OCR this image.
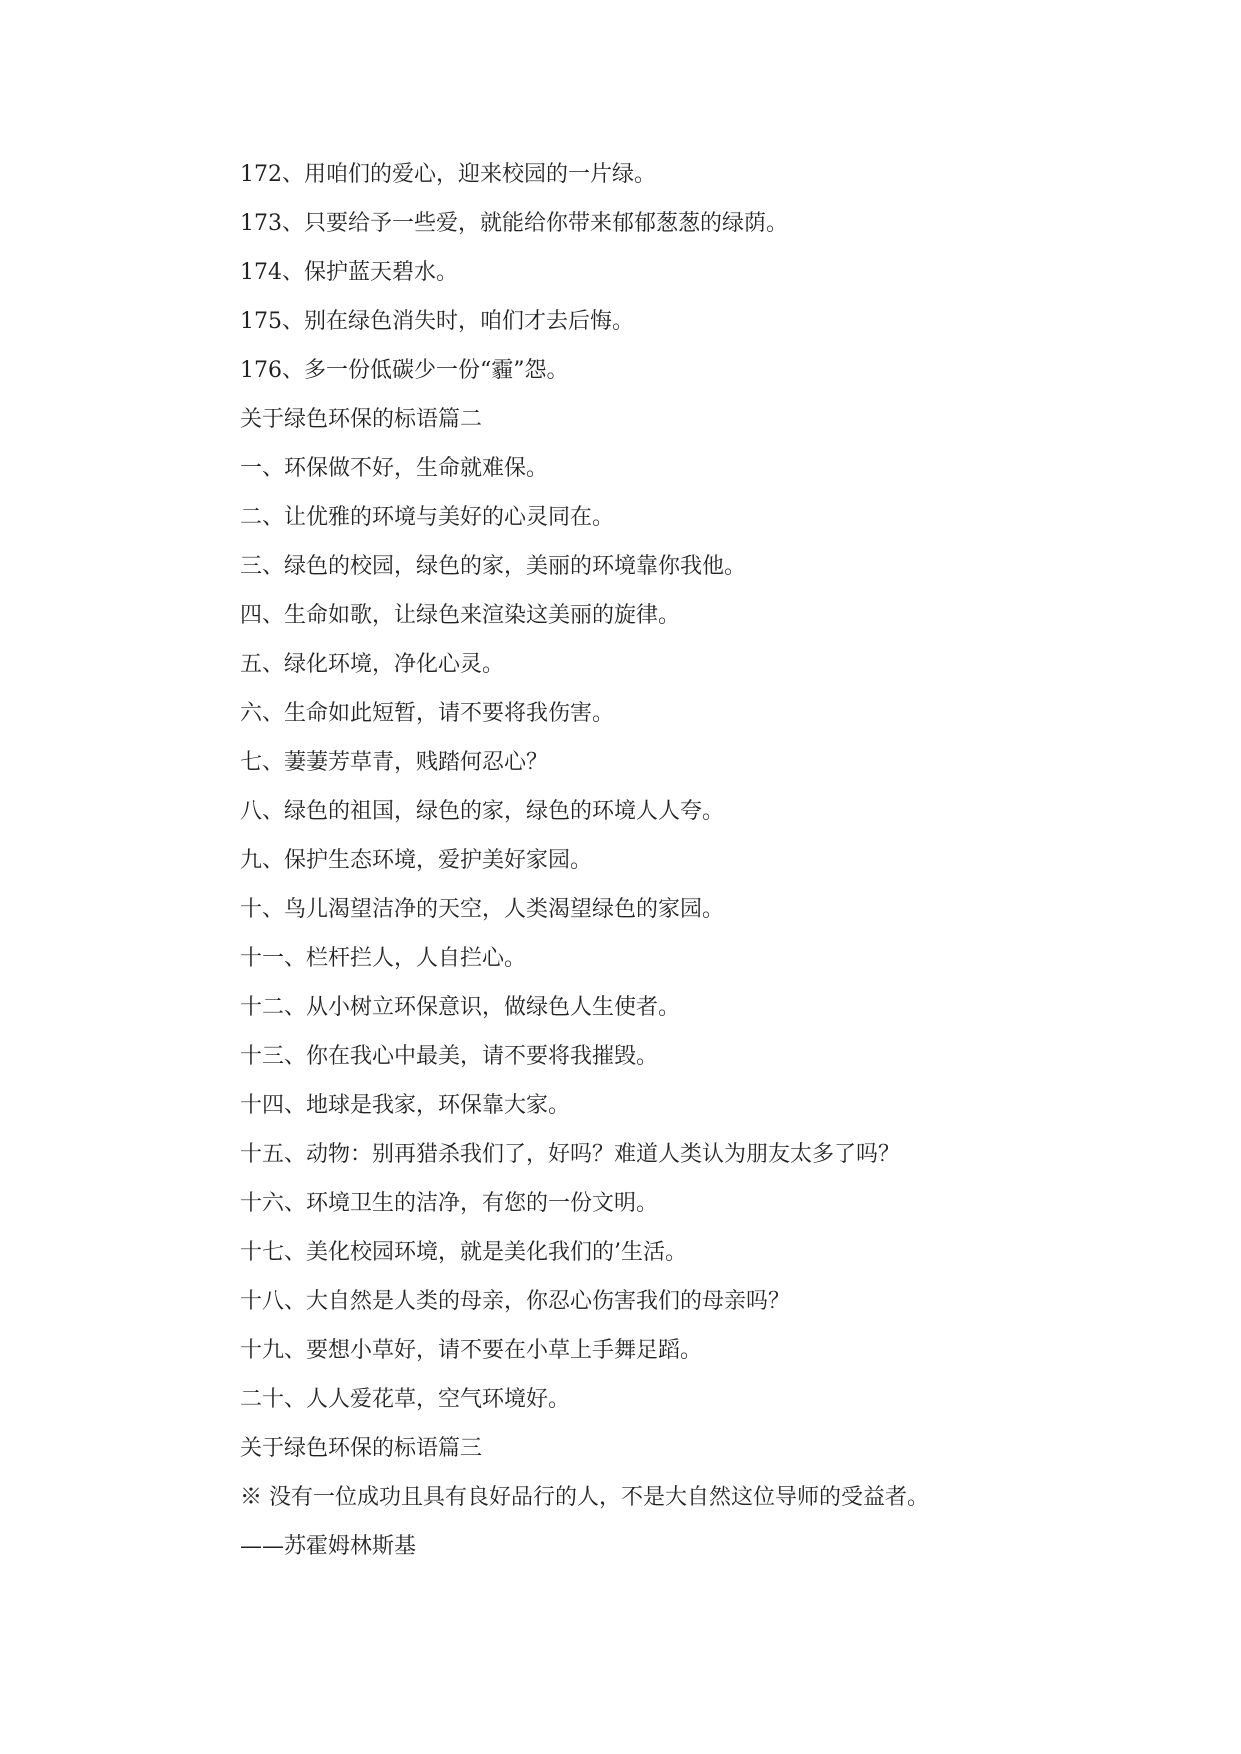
172、用咱们的爱心，迎来校园的一片绿。

173、只要给予一些爱，就能给你带来郁郁葱葱的绿荫。

174、保护蓝天碧水。

175、别在绿色消失时，咱们才去后悔。

176、多一份低碳少一份“霾”怨。

关于绿色环保的标语篇二

一、环保做不好，生命就难保。

二、让优雅的环境与美好的心灵同在。

三、绿色的校园，绿色的家，美丽的环境靠你我他。

四、生命如歌，让绿色来渲染这美丽的旋律。

五、绿化环境，净化心灵。

六、生命如此短暂，请不要将我伤害。

七、萋萋芳草青，贱踏何忍心？

八、绿色的祖国，绿色的家，绿色的环境人人夸。

九、保护生态环境，爱护美好家园。

十、鸟儿渴望洁净的天空，人类渴望绿色的家园。

十一、栏杆拦人，人自拦心。

十二、从小树立环保意识，做绿色人生使者。

十三、你在我心中最美，请不要将我摧毁。

十四、地球是我家，环保靠大家。

十五、动物：别再猎杀我们了，好吗？难道人类认为朋友太多了吗？

十六、环境卫生的洁净，有您的一份文明。

十七、美化校园环境，就是美化我们的’生活。

十八、大自然是人类的母亲，你忍心伤害我们的母亲吗？

十九、要想小草好，请不要在小草上手舞足蹈。

二十、人人爱花草，空气环境好。

关于绿色环保的标语篇三

※ 没有一位成功且具有良好品行的人，不是大自然这位导师的受益者。

——苏霍姆林斯基
